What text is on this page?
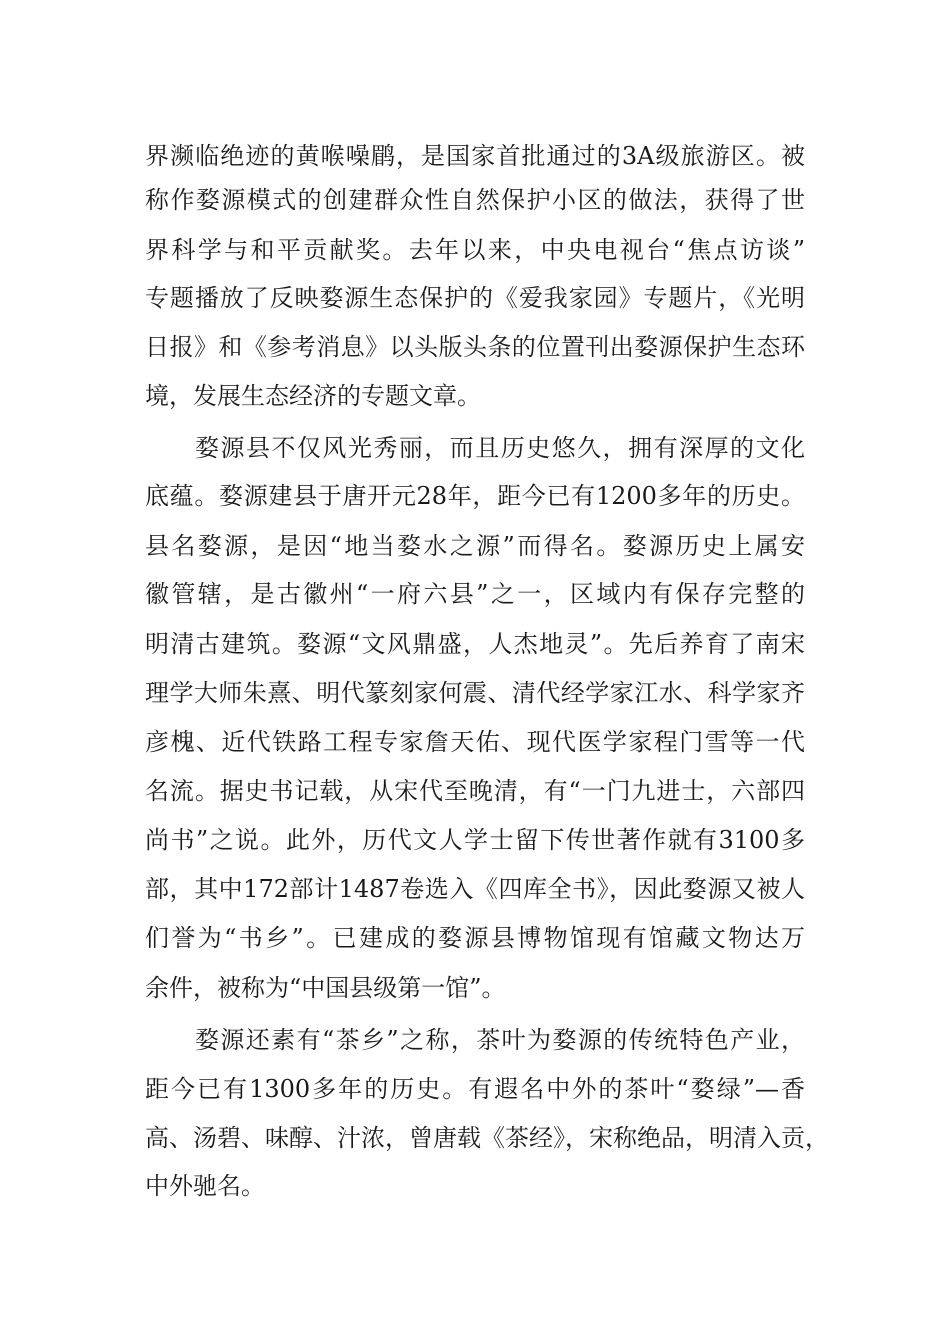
界濒临绝迹的黄喉噪鹛，是国家首批通过的3A级旅游区。被
称作婺源模式的创建群众性自然保护小区的做法，获得了世
界科学与和平贡献奖。去年以来，中央电视台“焦点访谈”
专题播放了反映婺源生态保护的《爱我家园》专题片，《光明
日报》和《参考消息》以头版头条的位置刊出婺源保护生态环
境，发展生态经济的专题文章。
婺源县不仅风光秀丽，而且历史悠久，拥有深厚的文化
底蕴。婺源建县于唐开元28年，距今已有1200多年的历史。
县名婺源，是因“地当婺水之源”而得名。婺源历史上属安
徽管辖，是古徽州“一府六县”之一，区域内有保存完整的
明清古建筑。婺源“文风鼎盛，人杰地灵”。先后养育了南宋
理学大师朱熹、明代篆刻家何震、清代经学家江水、科学家齐
彦槐、近代铁路工程专家詹天佑、现代医学家程门雪等一代
名流。据史书记载，从宋代至晚清，有“一门九进士，六部四
尚书”之说。此外，历代文人学士留下传世著作就有3100多
部，其中172部计1487卷选入《四库全书》，因此婺源又被人
们誉为“书乡”。已建成的婺源县博物馆现有馆藏文物达万
余件，被称为“中国县级第一馆”。
婺源还素有“茶乡”之称，茶叶为婺源的传统特色产业，
距今已有1300多年的历史。有遐名中外的茶叶“婺绿”—香
高、汤碧、味醇、汁浓，曾唐载《茶经》，宋称绝品，明清入贡，
中外驰名。
